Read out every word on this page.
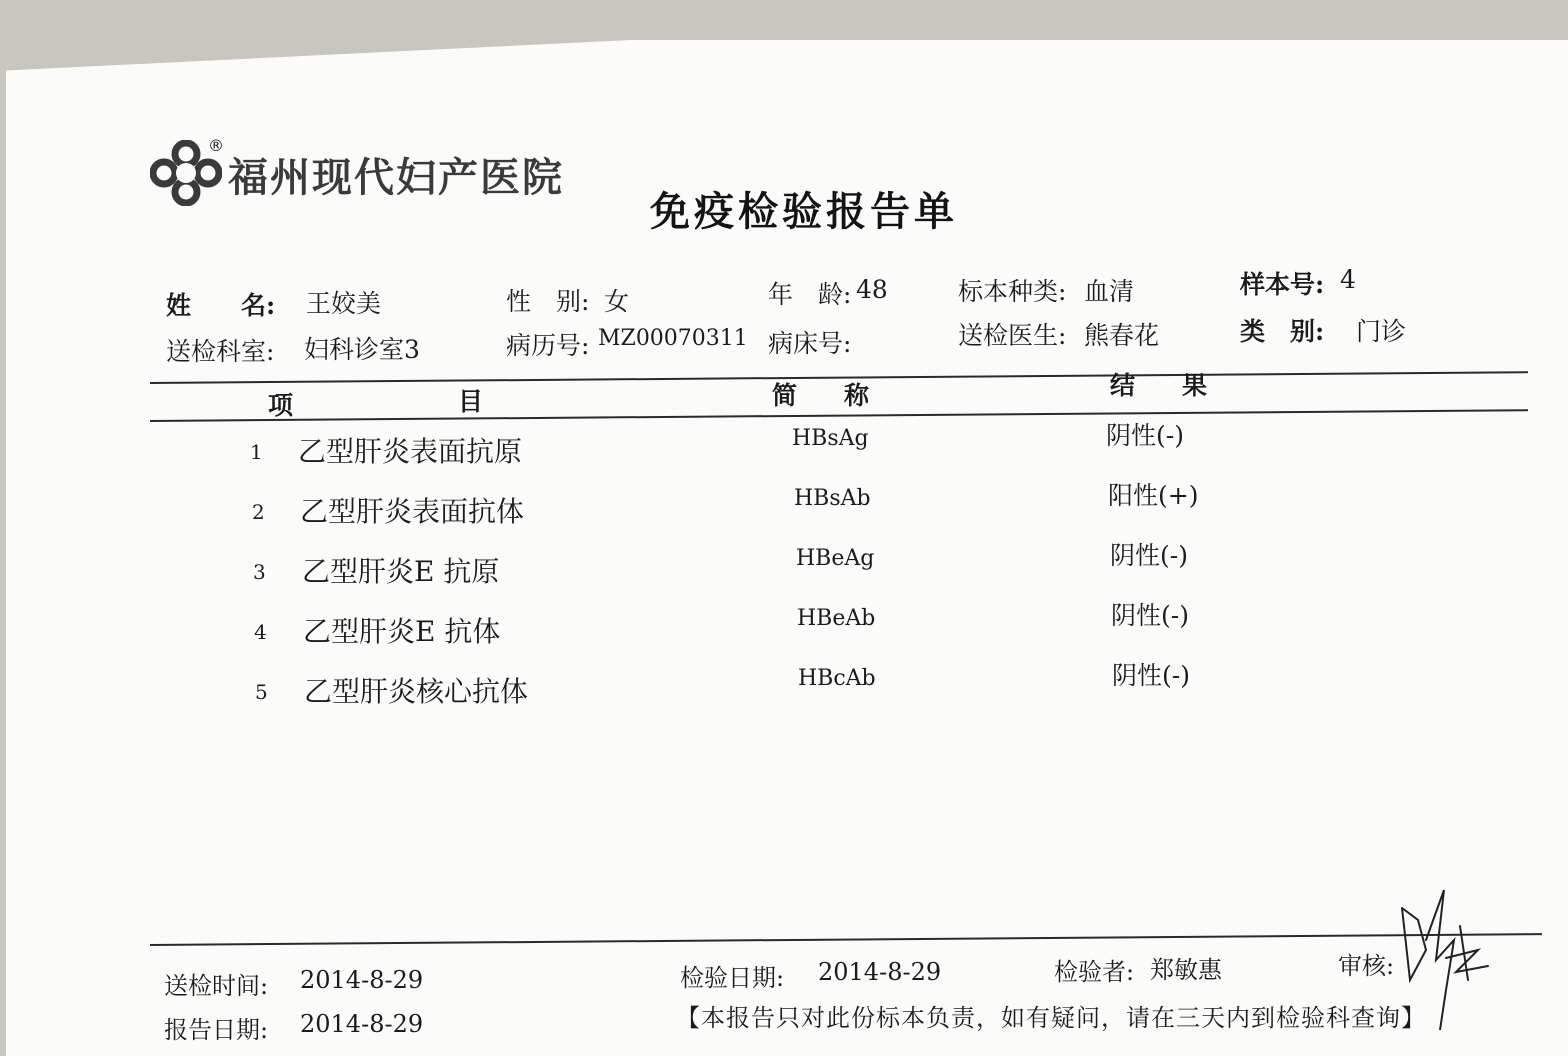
®
福州现代妇产医院
免疫检验报告单
姓　　名: 王姣美	性　别: 女	年　龄: 48	标本种类: 血清	样本号: 4
送检科室: 妇科诊室3	病历号: MZ00070311 病床号:	送检医生: 熊春花	类　别: 门诊
项	目	简 称	结 果
1 乙型肝炎表面抗原	HBsAg	阴性(-)
2 乙型肝炎表面抗体	HBsAb	阳性(+)
3 乙型肝炎E 抗原	HBeAg	阴性(-)
4 乙型肝炎E 抗体	HBeAb	阴性(-)
5 乙型肝炎核心抗体	HBcAb	阴性(-)
送检时间: 2014-8-29	检验日期: 2014-8-29	检验者: 郑敏惠	审核:
报告日期: 2014-8-29	【本报告只对此份标本负责，如有疑问，请在三天内到检验科查询】
